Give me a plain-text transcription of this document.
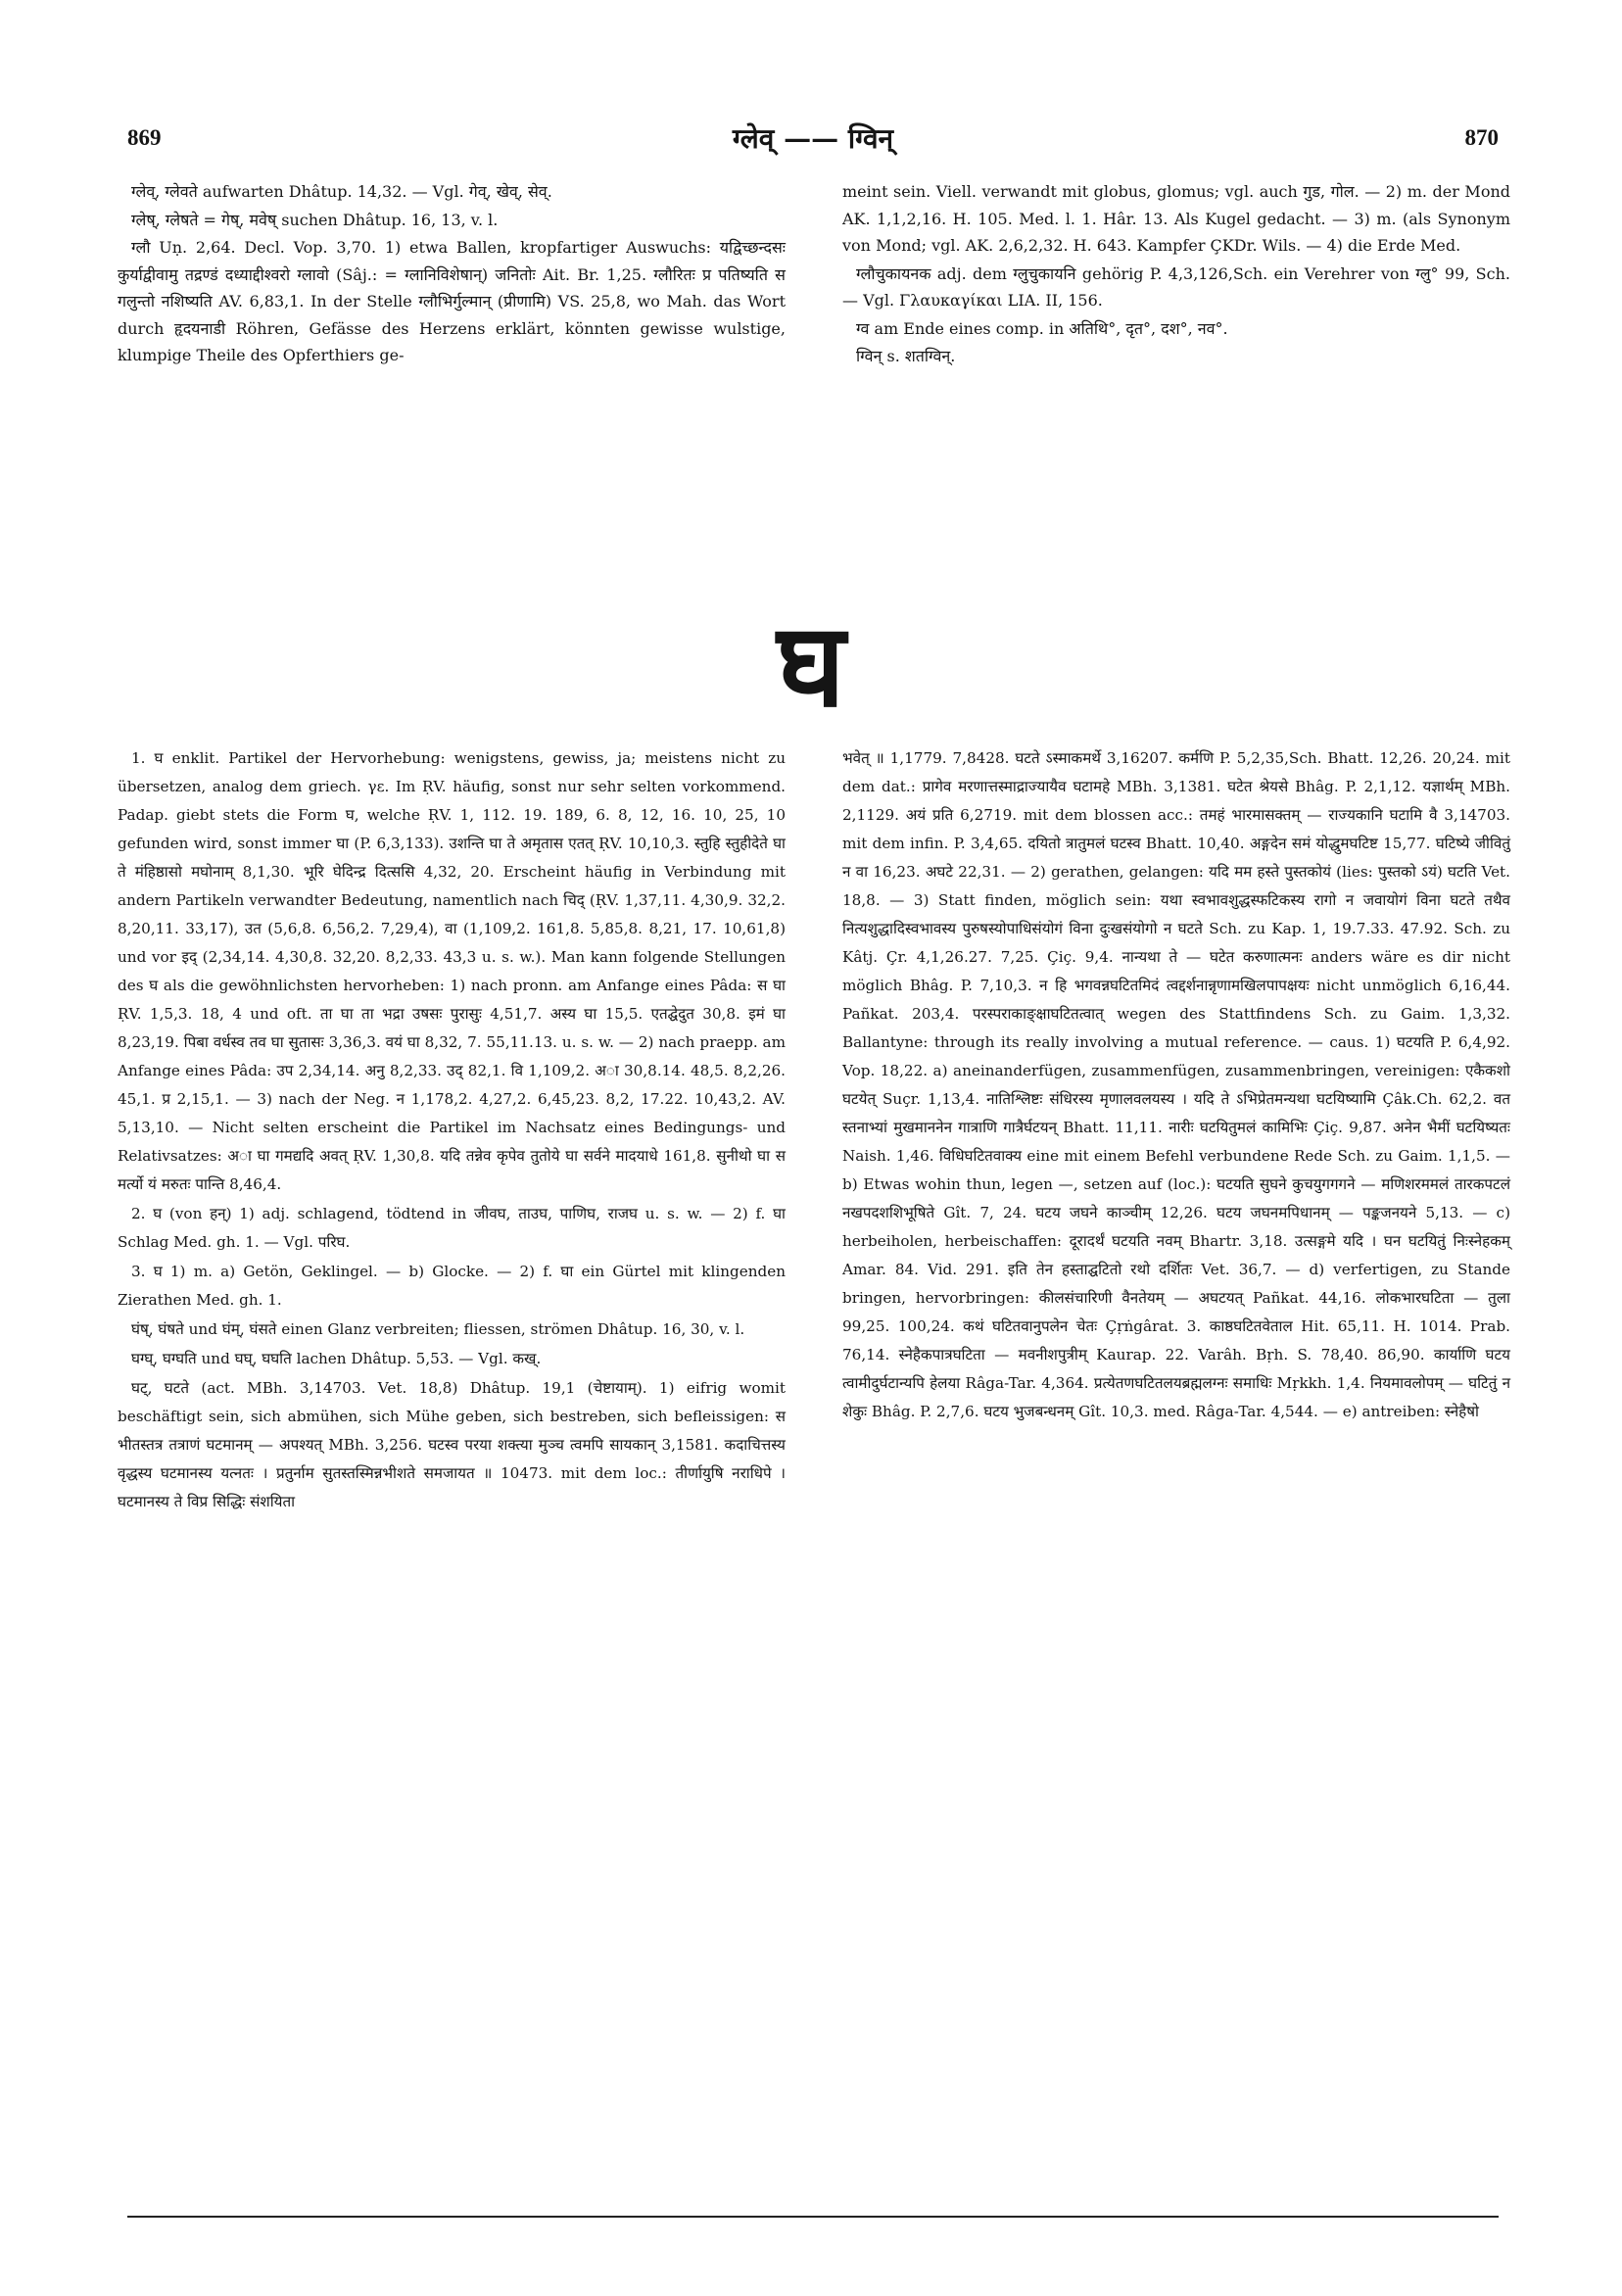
869	ग्लेव् —— ग्विन्	870

ग्लेव्, ग्लेवते aufwarten Dhâtup. 14,32. — Vgl. गेव्, खेव्, सेव्.

ग्लेष्, ग्लेषते = गेष्, मवेष् suchen Dhâtup. 16, 13, v. l.

ग्लौ Uṇ. 2,64. Decl. Vop. 3,70. 1) etwa Ballen, kropfartiger Auswuchs: यद्विच्छन्दसः कुर्याद्वीवामु तद्रण्डं दध्याद्दीश्वरो ग्लावो (Sâj.: = ग्लानिविशेषान्) जनितोः Ait. Br. 1,25. ग्लौरितः प्र पतिष्यति स गलुन्तो नशिष्यति AV. 6,83,1. In der Stelle ग्लौभिर्गुल्मान् (प्रीणामि) VS. 25,8, wo Mah. das Wort durch हृदयनाडी Röhren, Gefässe des Herzens erklärt, könnten gewisse wulstige, klumpige Theile des Opferthiers ge-

meint sein. Viell. verwandt mit globus, glomus; vgl. auch गुड, गोल. — 2) m. der Mond AK. 1,1,2,16. H. 105. Med. l. 1. Hâr. 13. Als Kugel gedacht. — 3) m. (als Synonym von Mond; vgl. AK. 2,6,2,32. H. 643. Kampfer ÇKDr. Wils. — 4) die Erde Med.

ग्लौचुकायनक adj. dem ग्लुचुकायनि gehörig P. 4,3,126,Sch. ein Verehrer von ग्लु° 99, Sch. — Vgl. Γλαυκαγίκαι LIA. II, 156.

ग्व am Ende eines comp. in अतिथि°, दृत°, दश°, नव°.

ग्विन् s. शतग्विन्.

घ

1. घ enklit. Partikel der Hervorhebung: wenigstens, gewiss, ja; meistens nicht zu übersetzen, analog dem griech. γε. Im ṚV. häufig, sonst nur sehr selten vorkommend. Padap. giebt stets die Form घ, welche ṚV. 1, 112. 19. 189, 6. 8, 12, 16. 10, 25, 10 gefunden wird, sonst immer घा (P. 6,3,133). उशन्ति घा ते अमृतास एतत् ṚV. 10,10,3. स्तुहि स्तुहीदेते घा ते मंहिष्ठासो मघोनाम् 8,1,30. भूरि घेदिन्द्र दित्ससि 4,32, 20. Erscheint häufig in Verbindung mit andern Partikeln verwandter Bedeutung, namentlich nach चिद् (ṚV. 1,37,11. 4,30,9. 32,2. 8,20,11. 33,17), उत (5,6,8. 6,56,2. 7,29,4), वा (1,109,2. 161,8. 5,85,8. 8,21, 17. 10,61,8) und vor इद् (2,34,14. 4,30,8. 32,20. 8,2,33. 43,3 u. s. w.). Man kann folgende Stellungen des घ als die gewöhnlichsten hervorheben: 1) nach pronn. am Anfange eines Pâda: स घा ṚV. 1,5,3. 18, 4 und oft. ता घा ता भद्रा उषसः पुरासुः 4,51,7. अस्य घा 15,5. एतद्घेदुत 30,8. इमं घा 8,23,19. पिबा वर्धस्व तव घा सुतासः 3,36,3. वयं घा 8,32, 7. 55,11.13. u. s. w. — 2) nach praepp. am Anfange eines Pâda: उप 2,34,14. अनु 8,2,33. उद् 82,1. वि 1,109,2. अा 30,8.14. 48,5. 8,2,26. 45,1. प्र 2,15,1. — 3) nach der Neg. न 1,178,2. 4,27,2. 6,45,23. 8,2, 17.22. 10,43,2. AV. 5,13,10. — Nicht selten erscheint die Partikel im Nachsatz eines Bedingungs- und Relativsatzes: अा घा गमद्यदि अवत् ṚV. 1,30,8. यदि तन्नेव कृपेव तुतोये घा सर्वने मादयाधे 161,8. सुनीथो घा स मर्त्यो यं मरुतः पान्ति 8,46,4.

2. घ (von हन्) 1) adj. schlagend, tödtend in जीवघ, ताउघ, पाणिघ, राजघ u. s. w. — 2) f. घा Schlag Med. gh. 1. — Vgl. परिघ.

3. घ 1) m. a) Getön, Geklingel. — b) Glocke. — 2) f. घा ein Gürtel mit klingenden Zierathen Med. gh. 1.

घंष्, घंषते und घंम्, घंसते einen Glanz verbreiten; fliessen, strömen Dhâtup. 16, 30, v. l.

घग्घ्, घग्घति und घघ्, घघति lachen Dhâtup. 5,53. — Vgl. कख्.

घट्, घटते (act. MBh. 3,14703. Vet. 18,8) Dhâtup. 19,1 (चेष्टायाम्). 1) eifrig womit beschäftigt sein, sich abmühen, sich Mühe geben, sich bestreben, sich befleissigen: स भीतस्तत्र तत्राणं घटमानम् — अपश्यत् MBh. 3,256. घटस्व परया शक्त्या मुञ्च त्वमपि सायकान् 3,1581. कदाचित्तस्य वृद्धस्य घटमानस्य यत्नतः । प्रतुर्नाम सुतस्तस्मिन्नभीशते समजायत ॥ 10473. mit dem loc.: तीर्णायुषि नराधिपे । घटमानस्य ते विप्र सिद्धिः संशयिता

भवेत् ॥ 1,1779. 7,8428. घटते ऽस्माकमर्थे 3,16207. कर्मणि P. 5,2,35,Sch. Bhatt. 12,26. 20,24. mit dem dat.: प्रागेव मरणात्तस्माद्राज्यायैव घटामहे MBh. 3,1381. घटेत श्रेयसे Bhâg. P. 2,1,12. यज्ञार्थम् MBh. 2,1129. अयं प्रति 6,2719. mit dem blossen acc.: तमहं भारमासक्तम् — राज्यकानि घटामि वै 3,14703. mit dem infin. P. 3,4,65. दयितो त्रातुमलं घटस्व Bhatt. 10,40. अङ्गदेन समं योद्धुमघटिष्ट 15,77. घटिष्ये जीवितुं न वा 16,23. अघटे 22,31. — 2) gerathen, gelangen: यदि मम हस्ते पुस्तकोयं (lies: पुस्तको ऽयं) घटति Vet. 18,8. — 3) Statt finden, möglich sein: यथा स्वभावशुद्धस्फटिकस्य रागो न जवायोगं विना घटते तथैव नित्यशुद्धादिस्वभावस्य पुरुषस्योपाधिसंयोगं विना दुःखसंयोगो न घटते Sch. zu Kap. 1, 19.7.33. 47.92. Sch. zu Kâtj. Çr. 4,1,26.27. 7,25. Çiç. 9,4. नान्यथा ते — घटेत करुणात्मनः anders wäre es dir nicht möglich Bhâg. P. 7,10,3. न हि भगवन्नघटितमिदं त्वद्दर्शनान्नृणामखिलपापक्षयः nicht unmöglich 6,16,44. Pañkat. 203,4. परस्पराकाङ्क्षाघटितत्वात् wegen des Stattfindens Sch. zu Gaim. 1,3,32. Ballantyne: through its really involving a mutual reference. — caus. 1) घटयति P. 6,4,92. Vop. 18,22. a) aneinanderfügen, zusammenfügen, zusammenbringen, vereinigen: एकैकशो घटयेत् Suçr. 1,13,4. नातिश्लिष्टः संधिरस्य मृणालवलयस्य । यदि ते ऽभिप्रेतमन्यथा घटयिष्यामि Çâk.Ch. 62,2. वत स्तनाभ्यां मुखमाननेन गात्राणि गात्रैर्घटयन् Bhatt. 11,11. नारीः घटयितुमलं कामिभिः Çiç. 9,87. अनेन भैमीं घटयिष्यतः Naish. 1,46. विधिघटितवाक्य eine mit einem Befehl verbundene Rede Sch. zu Gaim. 1,1,5. — b) Etwas wohin thun, legen —, setzen auf (loc.): घटयति सुघने कुचयुगगगने — मणिशरममलं तारकपटलं नखपदशशिभूषिते Gît. 7, 24. घटय जघने काञ्चीम् 12,26. घटय जघनमपिधानम् — पङ्कजनयने 5,13. — c) herbeiholen, herbeischaffen: दूरादर्थं घटयति नवम् Bhartr. 3,18. उत्सङ्गमे यदि । घन घटयितुं निःस्नेहकम् Amar. 84. Vid. 291. इति तेन हस्ताद्घटितो रथो दर्शितः Vet. 36,7. — d) verfertigen, zu Stande bringen, hervorbringen: कीलसंचारिणी वैनतेयम् — अघटयत् Pañkat. 44,16. लोकभारघटिता — तुला 99,25. 100,24. कथं घटितवानुपलेन चेतः Çṛṅgârat. 3. काष्ठघटितवेताल Hit. 65,11. H. 1014. Prab. 76,14. स्नेहैकपात्रघटिता — मवनीशपुत्रीम् Kaurap. 22. Varâh. Bṛh. S. 78,40. 86,90. कार्याणि घटय त्वामीदुर्घटान्यपि हेलया Râga-Tar. 4,364. प्रत्येतणघटितलयब्रह्मलग्नः समाधिः Mṛkkh. 1,4. नियमावलोपम् — घटितुं न शेकुः Bhâg. P. 2,7,6. घटय भुजबन्धनम् Gît. 10,3. med. Râga-Tar. 4,544. — e) antreiben: स्नेहैषो
